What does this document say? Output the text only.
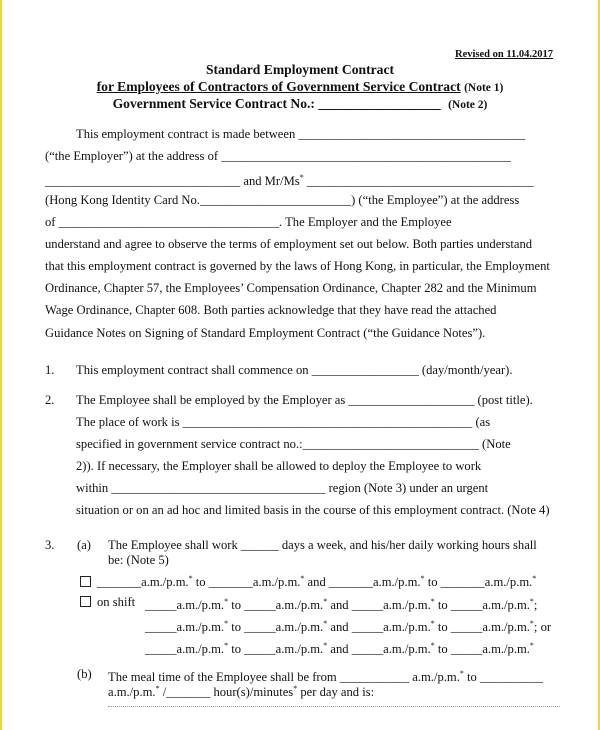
Revised on 11.04.2017
Standard Employment Contract
for Employees of Contractors of Government Service Contract (Note 1)
Government Service Contract No.: __________________ (Note 2)
This employment contract is made between ____________________________________
(“the Employer”) at the address of ______________________________________________
_______________________________ and Mr/Ms* ____________________________________
(Hong Kong Identity Card No.________________________) (“the Employee”) at the address
of ___________________________________. The Employer and the Employee
understand and agree to observe the terms of employment set out below. Both parties understand
that this employment contract is governed by the laws of Hong Kong, in particular, the Employment
Ordinance, Chapter 57, the Employees’ Compensation Ordinance, Chapter 282 and the Minimum
Wage Ordinance, Chapter 608. Both parties acknowledge that they have read the attached
Guidance Notes on Signing of Standard Employment Contract (“the Guidance Notes”).
1. This employment contract shall commence on _________________ (day/month/year).
2. The Employee shall be employed by the Employer as ____________________ (post title).
The place of work is ______________________________________________ (as
specified in government service contract no.:____________________________ (Note
2)). If necessary, the Employer shall be allowed to deploy the Employee to work
within __________________________________ region (Note 3) under an urgent
situation or on an ad hoc and limited basis in the course of this employment contract. (Note 4)
3. (a) The Employee shall work ______ days a week, and his/her daily working hours shall
be: (Note 5)
_______a.m./p.m.* to _______a.m./p.m.* and _______a.m./p.m.* to _______a.m./p.m.*
on shift _____a.m./p.m.* to _____a.m./p.m.* and _____a.m./p.m.* to _____a.m./p.m.*;
_____a.m./p.m.* to _____a.m./p.m.* and _____a.m./p.m.* to _____a.m./p.m.*; or
_____a.m./p.m.* to _____a.m./p.m.* and _____a.m./p.m.* to _____a.m./p.m.*
(b) The meal time of the Employee shall be from ___________ a.m./p.m.* to __________
a.m./p.m.* /_______ hour(s)/minutes* per day and is:
